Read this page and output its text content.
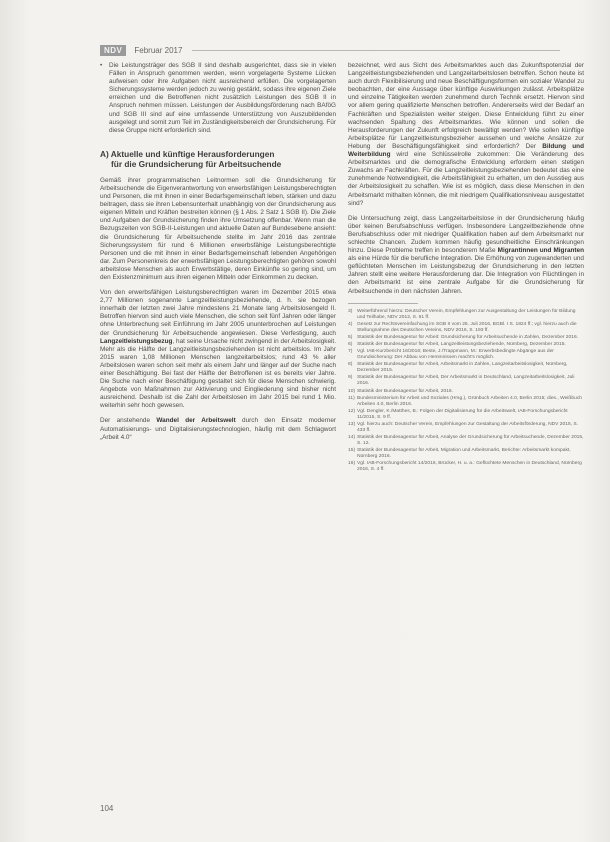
NDV	Februar 2017

• Die Leistungsträger des SGB II sind deshalb ausgerichtet, dass sie in vielen Fällen in Anspruch genommen werden, wenn vorgelagerte Systeme Lücken aufweisen oder ihre Aufgaben nicht ausreichend erfüllen. Die vorgelagerten Sicherungssysteme werden jedoch zu wenig gestärkt, sodass ihre eigenen Ziele erreichen und die Betroffenen nicht zusätzlich Leistungen des SGB II in Anspruch nehmen müssen. Leistungen der Ausbildungsförderung nach BAföG und SGB III sind auf eine umfassende Unterstützung von Auszubildenden ausgelegt und somit zum Teil im Zuständigkeitsbereich der Grundsicherung. Für diese Gruppe nicht erforderlich sind.

A) Aktuelle und künftige Herausforderungen
für die Grundsicherung für Arbeitsuchende

Gemäß ihrer programmatischen Leitnormen soll die Grundsicherung für Arbeitsuchende die Eigenverantwortung von erwerbsfähigen Leistungsberechtigten und Personen, die mit ihnen in einer Bedarfsgemeinschaft leben, stärken und dazu beitragen, dass sie ihren Lebensunterhalt unabhängig von der Grundsicherung aus eigenen Mitteln und Kräften bestreiten können (§ 1 Abs. 2 Satz 1 SGB II). Die Ziele und Aufgaben der Grundsicherung finden ihre Umsetzung offenbar. Wenn man die Bezugszeiten von SGB-II-Leistungen und aktuelle Daten auf Bundesebene ansieht: die Grundsicherung für Arbeitsuchende stellte im Jahr 2016 das zentrale Sicherungssystem für rund 6 Millionen erwerbsfähige Leistungsberechtigte Personen und die mit ihnen in einer Bedarfsgemeinschaft lebenden Angehörigen dar. Zum Personenkreis der erwerbsfähigen Leistungsberechtigten gehören sowohl arbeitslose Menschen als auch Erwerbstätige, deren Einkünfte so gering sind, um den Existenzminimum aus ihren eigenen Mitteln oder Einkommen zu decken.

Von den erwerbsfähigen Leistungsberechtigten waren im Dezember 2015 etwa 2,77 Millionen sogenannte Langzeitleistungsbeziehende, d. h. sie bezogen innerhalb der letzten zwei Jahre mindestens 21 Monate lang Arbeitslosengeld II. Betroffen hiervon sind auch viele Menschen, die schon seit fünf Jahren oder länger ohne Unterbrechung seit Einführung im Jahr 2005 ununterbrochen auf Leistungen der Grundsicherung für Arbeitsuchende angewiesen. Diese Verfestigung, auch Langzeitleistungsbezug, hat seine Ursache nicht zwingend in der Arbeitslosigkeit. Mehr als die Hälfte der Langzeitleistungsbeziehenden ist nicht arbeitslos. Im Jahr 2015 waren 1,08 Millionen Menschen langzeitarbeitslos; rund 43 % aller Arbeitslosen waren schon seit mehr als einem Jahr und länger auf der Suche nach einer Beschäftigung. Bei fast der Hälfte der Betroffenen ist es bereits vier Jahre. Die Suche nach einer Beschäftigung gestaltet sich für diese Menschen schwierig. Angebote von Maßnahmen zur Aktivierung und Eingliederung sind bisher nicht ausreichend. Deshalb ist die Zahl der Arbeitslosen im Jahr 2015 bei rund 1 Mio. weiterhin sehr hoch gewesen.

Der anstehende Wandel der Arbeitswelt durch den Einsatz moderner Automatisierungs- und Digitalisierungstechnologien, häufig mit dem Schlagwort „Arbeit 4.0“

bezeichnet, wird aus Sicht des Arbeitsmarktes auch das Zukunftspotenzial der Langzeitleistungsbeziehenden und Langzeitarbeitslosen betreffen. Schon heute ist auch durch Flexibilisierung und neue Beschäftigungsformen ein sozialer Wandel zu beobachten, der eine Aussage über künftige Auswirkungen zulässt. Arbeitsplätze und einzelne Tätigkeiten werden zunehmend durch Technik ersetzt. Hiervon sind vor allem gering qualifizierte Menschen betroffen. Andererseits wird der Bedarf an Fachkräften und Spezialisten weiter steigen. Diese Entwicklung führt zu einer wachsenden Spaltung des Arbeitsmarktes. Wie können und sollen die Herausforderungen der Zukunft erfolgreich bewältigt werden? Wie sollen künftige Arbeitsplätze für Langzeitleistungsbezieher aussehen und welche Ansätze zur Hebung der Beschäftigungsfähigkeit sind erforderlich? Der Bildung und Weiterbildung wird eine Schlüsselrolle zukommen: Die Veränderung des Arbeitsmarktes und die demografische Entwicklung erfordern einen stetigen Zuwachs an Fachkräften. Für die Langzeitleistungsbeziehenden bedeutet das eine zunehmende Notwendigkeit, die Arbeitsfähigkeit zu erhalten, um den Ausstieg aus der Arbeitslosigkeit zu schaffen. Wie ist es möglich, dass diese Menschen in den Arbeitsmarkt mithalten können, die mit niedrigem Qualifikationsniveau ausgestattet sind?

Die Untersuchung zeigt, dass Langzeitarbeitslose in der Grundsicherung häufig über keinen Berufsabschluss verfügen. Insbesondere Langzeitbeziehende ohne Berufsabschluss oder mit niedriger Qualifikation haben auf dem Arbeitsmarkt nur schlechte Chancen. Zudem kommen häufig gesundheitliche Einschränkungen hinzu. Diese Probleme treffen in besonderem Maße Migrantinnen und Migranten als eine Hürde für die berufliche Integration. Die Erhöhung von zugewanderten und geflüchteten Menschen im Leistungsbezug der Grundsicherung in den letzten Jahren stellt eine weitere Herausforderung dar. Die Integration von Flüchtlingen in den Arbeitsmarkt ist eine zentrale Aufgabe für die Grundsicherung für Arbeitsuchende in den nächsten Jahren.

3) Weiterführend hierzu: Deutscher Verein, Empfehlungen zur Ausgestaltung der Leistungen für Bildung und Teilhabe, NDV 2012, S. 61 ff.
4) Gesetz zur Rechtsvereinfachung im SGB II vom 26. Juli 2016, BGBl. I S. 1824 ff.; vgl. hierzu auch die Stellungnahme des Deutschen Vereins, NDV 2016, S. 193 ff.
5) Statistik der Bundesagentur für Arbeit: Grundsicherung für Arbeitsuchende in Zahlen, Dezember 2016.
6) Statistik der Bundesagentur für Arbeit, Langzeitleistungsbeziehende, Nürnberg, Dezember 2015.
7) Vgl. IAB-Kurzbericht 16/2016; Beste, J./Trappmann, M.: Erwerbsbedingte Abgänge aus der Grundsicherung: Der Abbau von Hemmnissen macht's möglich.
8) Statistik der Bundesagentur für Arbeit, Arbeitsmarkt in Zahlen, Langzeitarbeitslosigkeit, Nürnberg, Dezember 2015.
9) Statistik der Bundesagentur für Arbeit, Der Arbeitsmarkt in Deutschland, Langzeitarbeitslosigkeit, Juli 2016.
10) Statistik der Bundesagentur für Arbeit, 2016.
11) Bundesministerium für Arbeit und Soziales (Hrsg.), Grünbuch Arbeiten 4.0, Berlin 2015; dies., Weißbuch Arbeiten 4.0, Berlin 2016.
12) Vgl. Dengler, K./Matthes, B.: Folgen der Digitalisierung für die Arbeitswelt, IAB-Forschungsbericht 11/2015, S. 9 ff.
13) Vgl. hierzu auch: Deutscher Verein, Empfehlungen zur Gestaltung der Arbeitsförderung, NDV 2015, S. 433 ff.
14) Statistik der Bundesagentur für Arbeit, Analyse der Grundsicherung für Arbeitsuchende, Dezember 2015, S. 12.
15) Statistik der Bundesagentur für Arbeit, Migration und Arbeitsmarkt, Berichte: Arbeitsmarkt kompakt, Nürnberg 2016.
16) Vgl. IAB-Forschungsbericht 14/2016, Brücker, H. u. a.: Geflüchtete Menschen in Deutschland, Nürnberg 2016, S. 4 ff.
104
